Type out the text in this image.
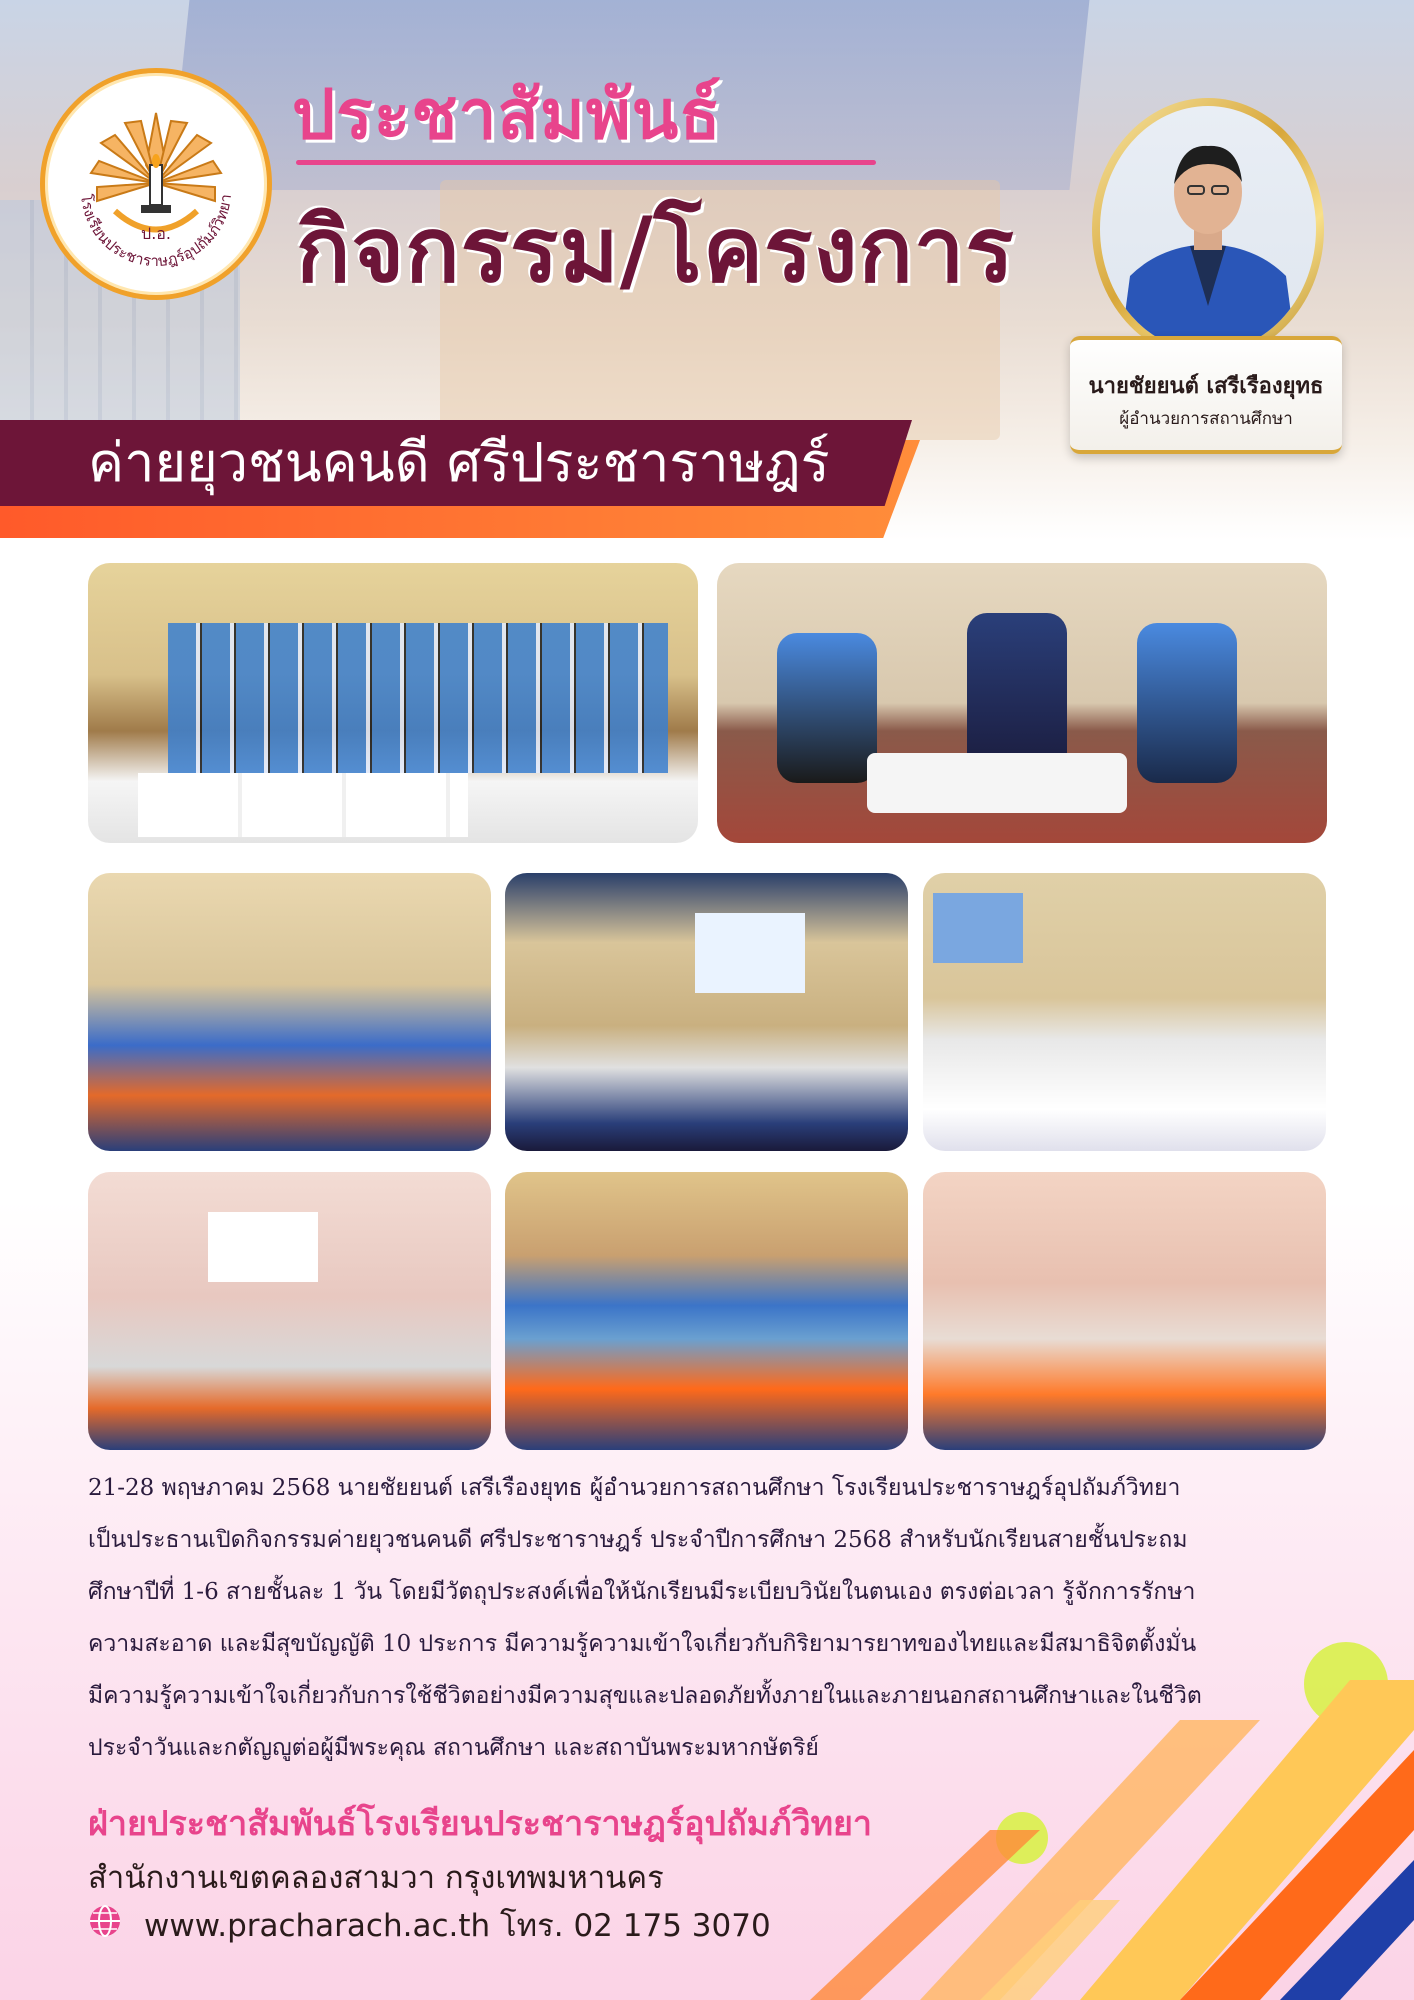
ป.อ.
โรงเรียนประชาราษฎร์อุปถัมภ์วิทยา
ประชาสัมพันธ์
กิจกรรม/โครงการ
นายชัยยนต์ เสรีเรืองยุทธ
ผู้อำนวยการสถานศึกษา
ค่ายยุวชนคนดี ศรีประชาราษฎร์

21-28 พฤษภาคม 2568 นายชัยยนต์ เสรีเรืองยุทธ ผู้อำนวยการสถานศึกษา โรงเรียนประชาราษฎร์อุปถัมภ์วิทยา

เป็นประธานเปิดกิจกรรมค่ายยุวชนคนดี ศรีประชาราษฎร์ ประจำปีการศึกษา 2568 สำหรับนักเรียนสายชั้นประถม

ศึกษาปีที่ 1-6 สายชั้นละ 1 วัน โดยมีวัตถุประสงค์เพื่อให้นักเรียนมีระเบียบวินัยในตนเอง ตรงต่อเวลา รู้จักการรักษา

ความสะอาด และมีสุขบัญญัติ 10 ประการ มีความรู้ความเข้าใจเกี่ยวกับกิริยามารยาทของไทยและมีสมาธิจิตตั้งมั่น

มีความรู้ความเข้าใจเกี่ยวกับการใช้ชีวิตอย่างมีความสุขและปลอดภัยทั้งภายในและภายนอกสถานศึกษาและในชีวิต

ประจำวันและกตัญญูต่อผู้มีพระคุณ สถานศึกษา และสถาบันพระมหากษัตริย์

ฝ่ายประชาสัมพันธ์โรงเรียนประชาราษฎร์อุปถัมภ์วิทยา
สำนักงานเขตคลองสามวา กรุงเทพมหานคร
www.pracharach.ac.th โทร. 02 175 3070
